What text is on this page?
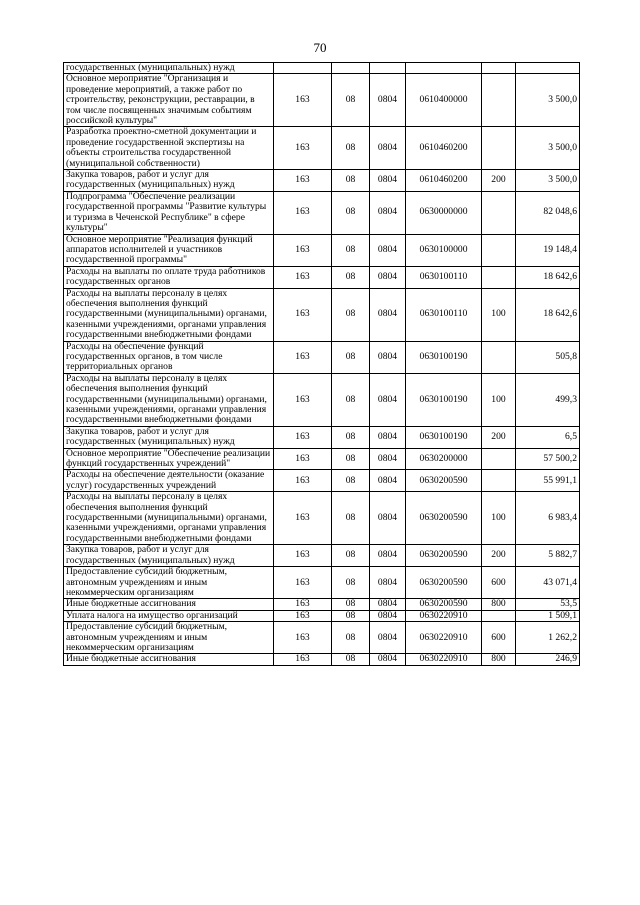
70
государственных (муниципальных) нужд						
Основное мероприятие "Организация и проведение мероприятий, а также работ по строительству, реконструкции, реставрации, в том числе посвященных значимым событиям российской культуры"	163	08	0804	0610400000		3 500,0
Разработка проектно-сметной документации и проведение государственной экспертизы на объекты строительства государственной (муниципальной собственности)	163	08	0804	0610460200		3 500,0
Закупка товаров, работ и услуг для государственных (муниципальных) нужд	163	08	0804	0610460200	200	3 500,0
Подпрограмма "Обеспечение реализации государственной программы "Развитие культуры и туризма в Чеченской Республике" в сфере культуры"	163	08	0804	0630000000		82 048,6
Основное мероприятие "Реализация функций аппаратов исполнителей и участников государственной программы"	163	08	0804	0630100000		19 148,4
Расходы на выплаты по оплате труда работников государственных органов	163	08	0804	0630100110		18 642,6
Расходы на выплаты персоналу в целях обеспечения выполнения функций государственными (муниципальными) органами, казенными учреждениями, органами управления государственными внебюджетными фондами	163	08	0804	0630100110	100	18 642,6
Расходы на обеспечение функций государственных органов, в том числе территориальных органов	163	08	0804	0630100190		505,8
Расходы на выплаты персоналу в целях обеспечения выполнения функций государственными (муниципальными) органами, казенными учреждениями, органами управления государственными внебюджетными фондами	163	08	0804	0630100190	100	499,3
Закупка товаров, работ и услуг для государственных (муниципальных) нужд	163	08	0804	0630100190	200	6,5
Основное мероприятие "Обеспечение реализации функций государственных учреждений"	163	08	0804	0630200000		57 500,2
Расходы на обеспечение деятельности (оказание услуг) государственных учреждений	163	08	0804	0630200590		55 991,1
Расходы на выплаты персоналу в целях обеспечения выполнения функций государственными (муниципальными) органами, казенными учреждениями, органами управления государственными внебюджетными фондами	163	08	0804	0630200590	100	6 983,4
Закупка товаров, работ и услуг для государственных (муниципальных) нужд	163	08	0804	0630200590	200	5 882,7
Предоставление субсидий бюджетным, автономным учреждениям и иным некоммерческим организациям	163	08	0804	0630200590	600	43 071,4
Иные бюджетные ассигнования	163	08	0804	0630200590	800	53,5
Уплата налога на имущество организаций	163	08	0804	0630220910		1 509,1
Предоставление субсидий бюджетным, автономным учреждениям и иным некоммерческим организациям	163	08	0804	0630220910	600	1 262,2
Иные бюджетные ассигнования	163	08	0804	0630220910	800	246,9
